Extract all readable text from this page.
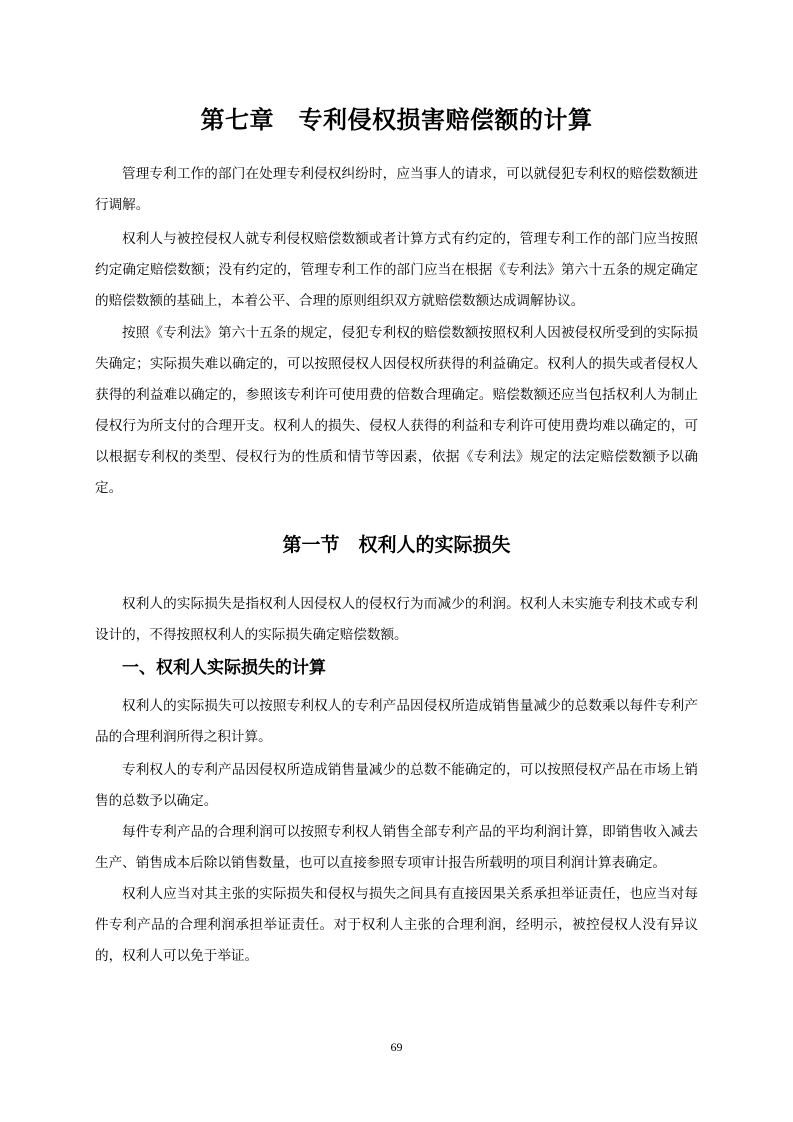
第七章　专利侵权损害赔偿额的计算

管理专利工作的部门在处理专利侵权纠纷时，应当事人的请求，可以就侵犯专利权的赔偿数额进行调解。

权利人与被控侵权人就专利侵权赔偿数额或者计算方式有约定的，管理专利工作的部门应当按照约定确定赔偿数额；没有约定的，管理专利工作的部门应当在根据《专利法》第六十五条的规定确定的赔偿数额的基础上，本着公平、合理的原则组织双方就赔偿数额达成调解协议。

按照《专利法》第六十五条的规定，侵犯专利权的赔偿数额按照权利人因被侵权所受到的实际损失确定；实际损失难以确定的，可以按照侵权人因侵权所获得的利益确定。权利人的损失或者侵权人获得的利益难以确定的，参照该专利许可使用费的倍数合理确定。赔偿数额还应当包括权利人为制止侵权行为所支付的合理开支。权利人的损失、侵权人获得的利益和专利许可使用费均难以确定的，可以根据专利权的类型、侵权行为的性质和情节等因素，依据《专利法》规定的法定赔偿数额予以确定。

第一节　权利人的实际损失

权利人的实际损失是指权利人因侵权人的侵权行为而减少的利润。权利人未实施专利技术或专利设计的，不得按照权利人的实际损失确定赔偿数额。

一、权利人实际损失的计算

权利人的实际损失可以按照专利权人的专利产品因侵权所造成销售量减少的总数乘以每件专利产品的合理利润所得之积计算。

专利权人的专利产品因侵权所造成销售量减少的总数不能确定的，可以按照侵权产品在市场上销售的总数予以确定。

每件专利产品的合理利润可以按照专利权人销售全部专利产品的平均利润计算，即销售收入减去生产、销售成本后除以销售数量，也可以直接参照专项审计报告所载明的项目利润计算表确定。

权利人应当对其主张的实际损失和侵权与损失之间具有直接因果关系承担举证责任，也应当对每件专利产品的合理利润承担举证责任。对于权利人主张的合理利润，经明示，被控侵权人没有异议的，权利人可以免于举证。

69
